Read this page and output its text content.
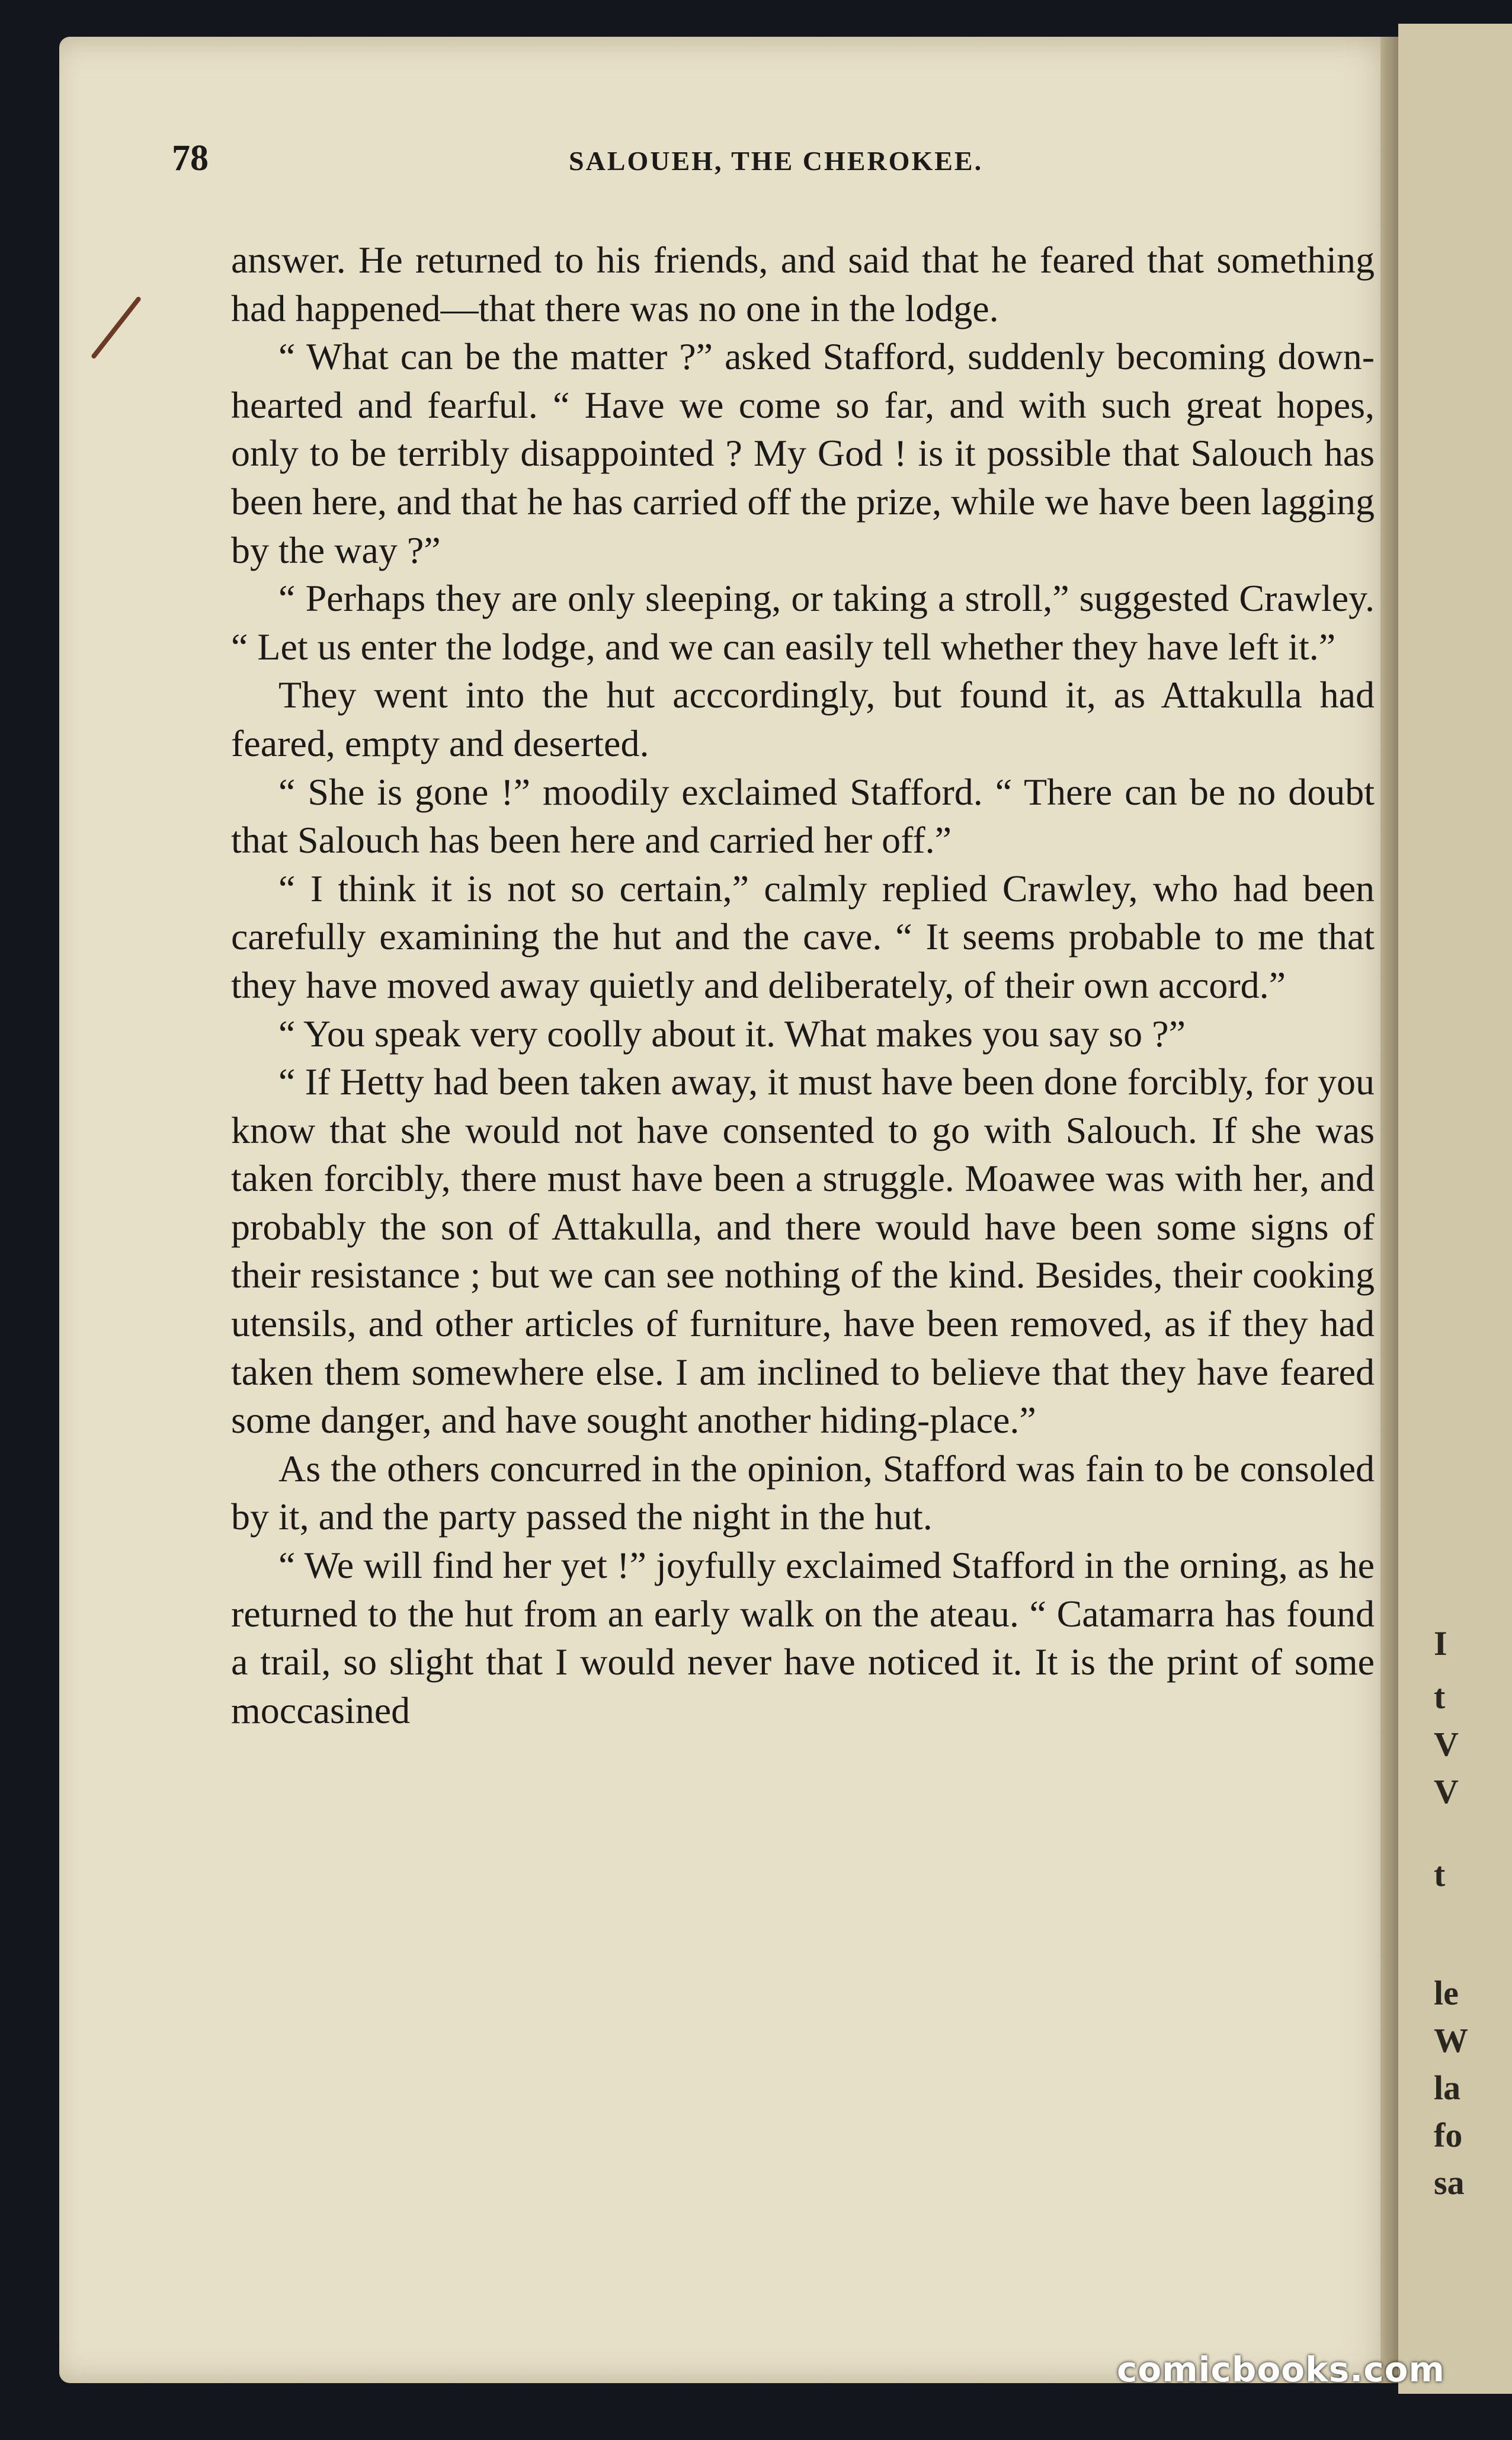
I
t
V
V
t
le
W
la
fo
sa
78	SALOUEH, THE CHEROKEE.

answer. He returned to his friends, and said that he feared that something had happened—that there was no one in the lodge.

“ What can be the matter ?” asked Stafford, suddenly becoming down-hearted and fearful. “ Have we come so far, and with such great hopes, only to be terribly disappointed ? My God ! is it possible that Salouch has been here, and that he has carried off the prize, while we have been lagging by the way ?”

“ Perhaps they are only sleeping, or taking a stroll,” suggested Crawley. “ Let us enter the lodge, and we can easily tell whether they have left it.”

They went into the hut acccordingly, but found it, as Attakulla had feared, empty and deserted.

“ She is gone !” moodily exclaimed Stafford. “ There can be no doubt that Salouch has been here and carried her off.”

“ I think it is not so certain,” calmly replied Crawley, who had been carefully examining the hut and the cave. “ It seems probable to me that they have moved away quietly and deliberately, of their own accord.”

“ You speak very coolly about it. What makes you say so ?”

“ If Hetty had been taken away, it must have been done forcibly, for you know that she would not have consented to go with Salouch. If she was taken forcibly, there must have been a struggle. Moawee was with her, and probably the son of Attakulla, and there would have been some signs of their resistance ; but we can see nothing of the kind. Besides, their cooking utensils, and other articles of furniture, have been removed, as if they had taken them somewhere else. I am inclined to believe that they have feared some danger, and have sought another hiding-place.”

As the others concurred in the opinion, Stafford was fain to be consoled by it, and the party passed the night in the hut.

“ We will find her yet !” joyfully exclaimed Stafford in the orning, as he returned to the hut from an early walk on the ateau. “ Catamarra has found a trail, so slight that I would never have noticed it. It is the print of some moccasined

comicbooks.com
